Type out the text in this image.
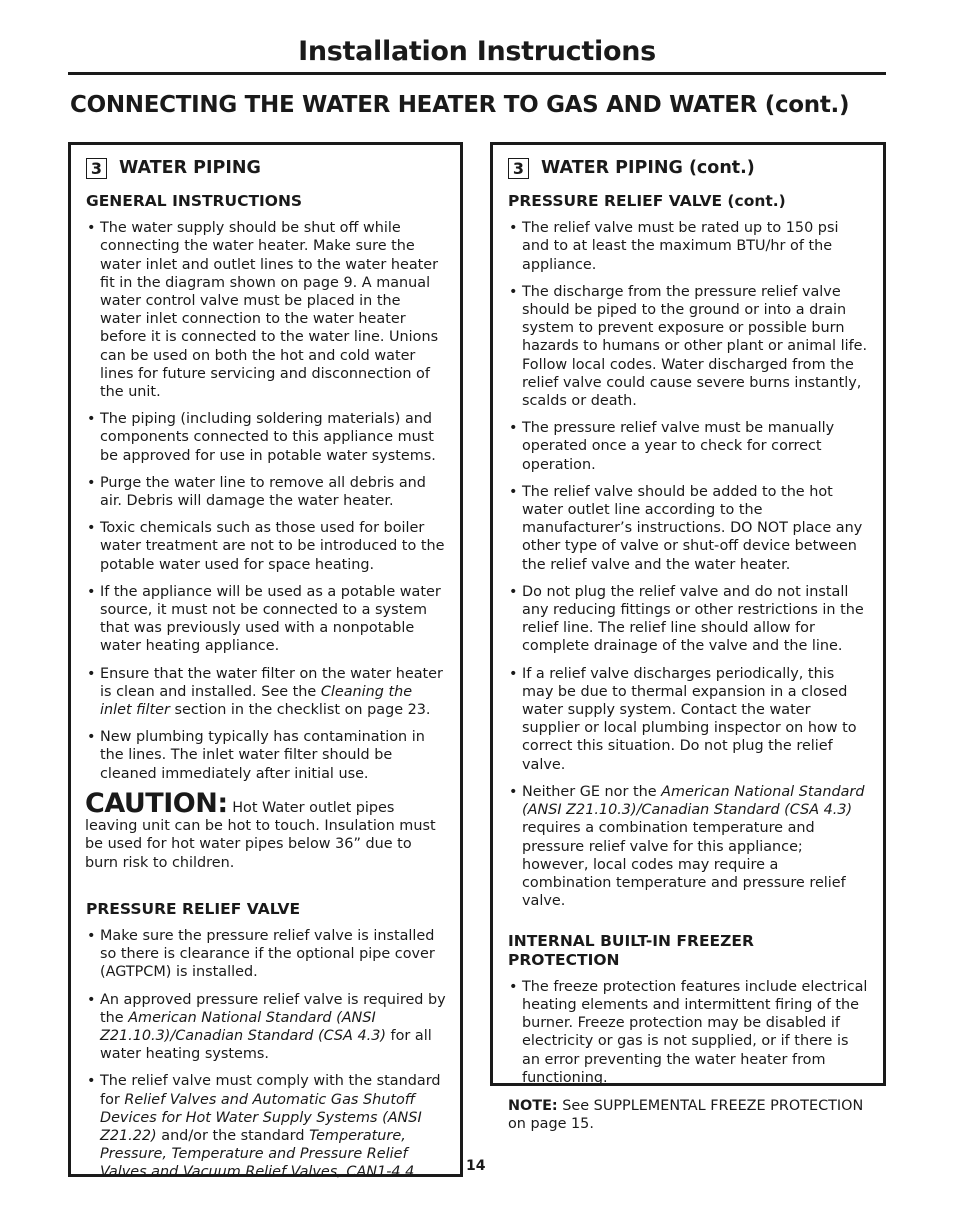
Installation Instructions
CONNECTING THE WATER HEATER TO GAS AND WATER (cont.)
3 WATER PIPING
GENERAL INSTRUCTIONS
• The water supply should be shut off while connecting the water heater. Make sure the water inlet and outlet lines to the water heater fit in the diagram shown on page 9. A manual water control valve must be placed in the water inlet connection to the water heater before it is connected to the water line. Unions can be used on both the hot and cold water lines for future servicing and disconnection of the unit.
• The piping (including soldering materials) and components connected to this appliance must be approved for use in potable water systems.
• Purge the water line to remove all debris and air. Debris will damage the water heater.
• Toxic chemicals such as those used for boiler water treatment are not to be introduced to the potable water used for space heating.
• If the appliance will be used as a potable water source, it must not be connected to a system that was previously used with a nonpotable water heating appliance.
• Ensure that the water filter on the water heater is clean and installed. See the Cleaning the inlet filter section in the checklist on page 23.
• New plumbing typically has contamination in the lines. The inlet water filter should be cleaned immediately after initial use.
CAUTION: Hot Water outlet pipes leaving unit can be hot to touch. Insulation must be used for hot water pipes below 36” due to burn risk to children.
PRESSURE RELIEF VALVE
• Make sure the pressure relief valve is installed so there is clearance if the optional pipe cover (AGTPCM) is installed.
• An approved pressure relief valve is required by the American National Standard (ANSI Z21.10.3)/Canadian Standard (CSA 4.3) for all water heating systems.
• The relief valve must comply with the standard for Relief Valves and Automatic Gas Shutoff Devices for Hot Water Supply Systems (ANSI Z21.22) and/or the standard Temperature, Pressure, Temperature and Pressure Relief Valves and Vacuum Relief Valves, CAN1-4.4.
3 WATER PIPING (cont.)
PRESSURE RELIEF VALVE (cont.)
• The relief valve must be rated up to 150 psi and to at least the maximum BTU/hr of the appliance.
• The discharge from the pressure relief valve should be piped to the ground or into a drain system to prevent exposure or possible burn hazards to humans or other plant or animal life. Follow local codes. Water discharged from the relief valve could cause severe burns instantly, scalds or death.
• The pressure relief valve must be manually operated once a year to check for correct operation.
• The relief valve should be added to the hot water outlet line according to the manufacturer’s instructions. DO NOT place any other type of valve or shut-off device between the relief valve and the water heater.
• Do not plug the relief valve and do not install any reducing fittings or other restrictions in the relief line. The relief line should allow for complete drainage of the valve and the line.
• If a relief valve discharges periodically, this may be due to thermal expansion in a closed water supply system. Contact the water supplier or local plumbing inspector on how to correct this situation. Do not plug the relief valve.
• Neither GE nor the American National Standard (ANSI Z21.10.3)/Canadian Standard (CSA 4.3) requires a combination temperature and pressure relief valve for this appliance; however, local codes may require a combination temperature and pressure relief valve.
INTERNAL BUILT-IN FREEZER PROTECTION
• The freeze protection features include electrical heating elements and intermittent firing of the burner. Freeze protection may be disabled if electricity or gas is not supplied, or if there is an error preventing the water heater from functioning.
NOTE: See SUPPLEMENTAL FREEZE PROTECTION on page 15.
14
